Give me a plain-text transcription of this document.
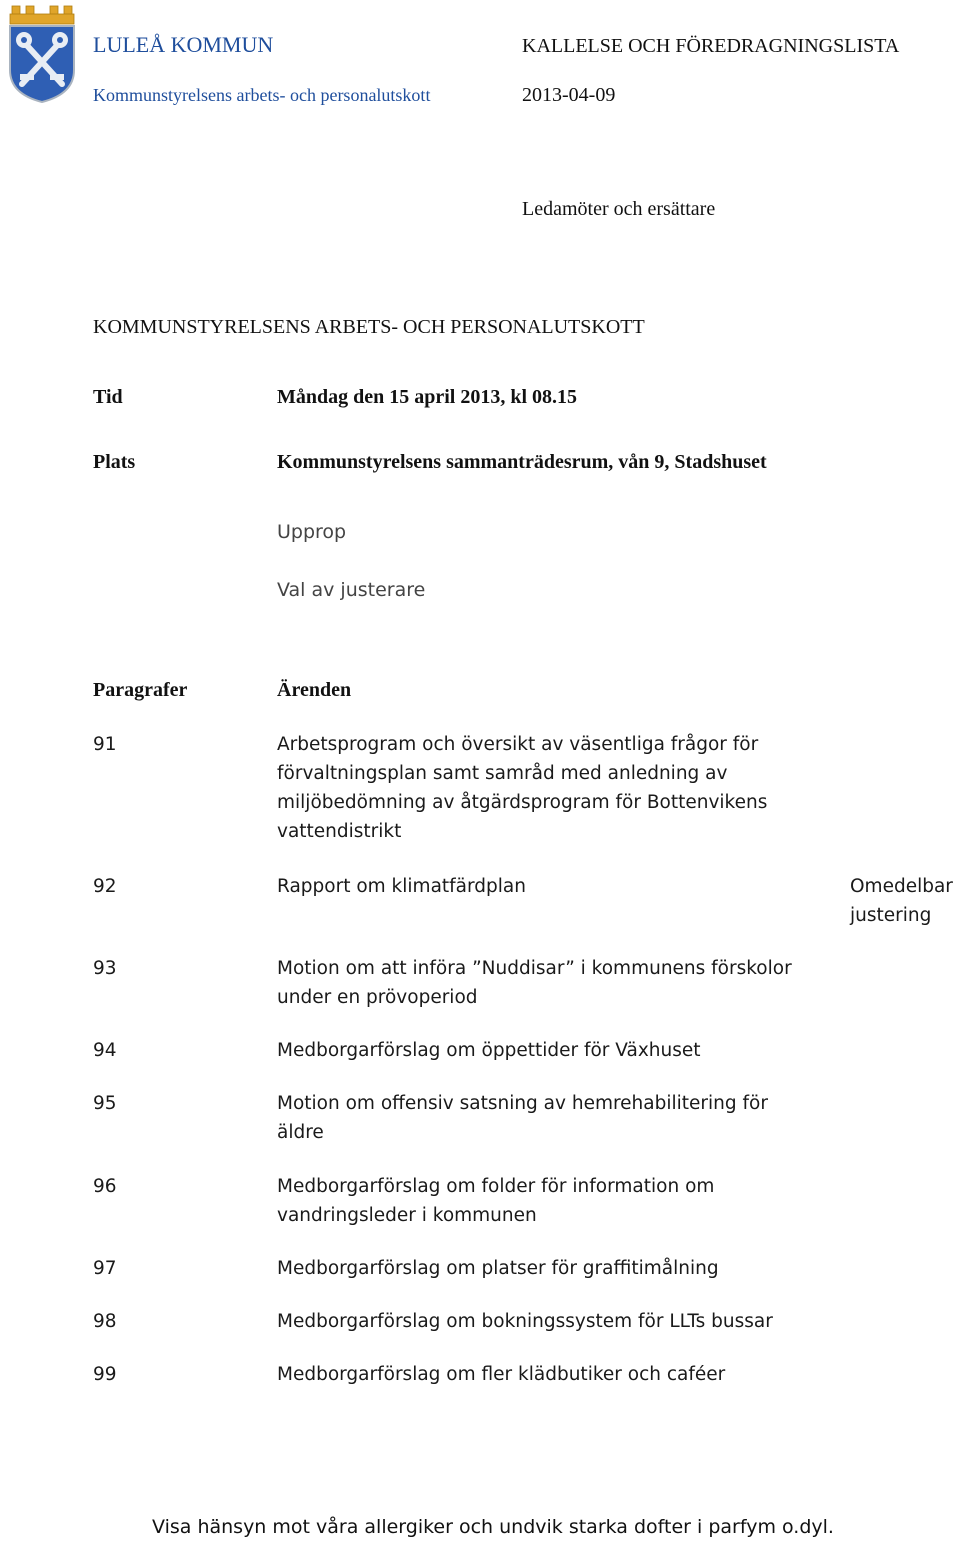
LULEÅ KOMMUN
Kommunstyrelsens arbets- och personalutskott
KALLELSE OCH FÖREDRAGNINGSLISTA
2013-04-09
Ledamöter och ersättare
KOMMUNSTYRELSENS ARBETS- OCH PERSONALUTSKOTT
Tid	Måndag den 15 april 2013, kl 08.15
Plats	Kommunstyrelsens sammanträdesrum, vån 9, Stadshuset
Upprop
Val av justerare
Paragrafer	Ärenden
91	Arbetsprogram och översikt av väsentliga frågor för förvaltningsplan samt samråd med anledning av miljöbedömning av åtgärdsprogram för Bottenvikens vattendistrikt
92	Rapport om klimatfärdplan	Omedelbar justering
93	Motion om att införa ”Nuddisar” i kommunens förskolor under en prövoperiod
94	Medborgarförslag om öppettider för Växhuset
95	Motion om offensiv satsning av hemrehabilitering för äldre
96	Medborgarförslag om folder för information om vandringsleder i kommunen
97	Medborgarförslag om platser för graffitimålning
98	Medborgarförslag om bokningssystem för LLTs bussar
99	Medborgarförslag om fler klädbutiker och caféer
Visa hänsyn mot våra allergiker och undvik starka dofter i parfym o.dyl.
